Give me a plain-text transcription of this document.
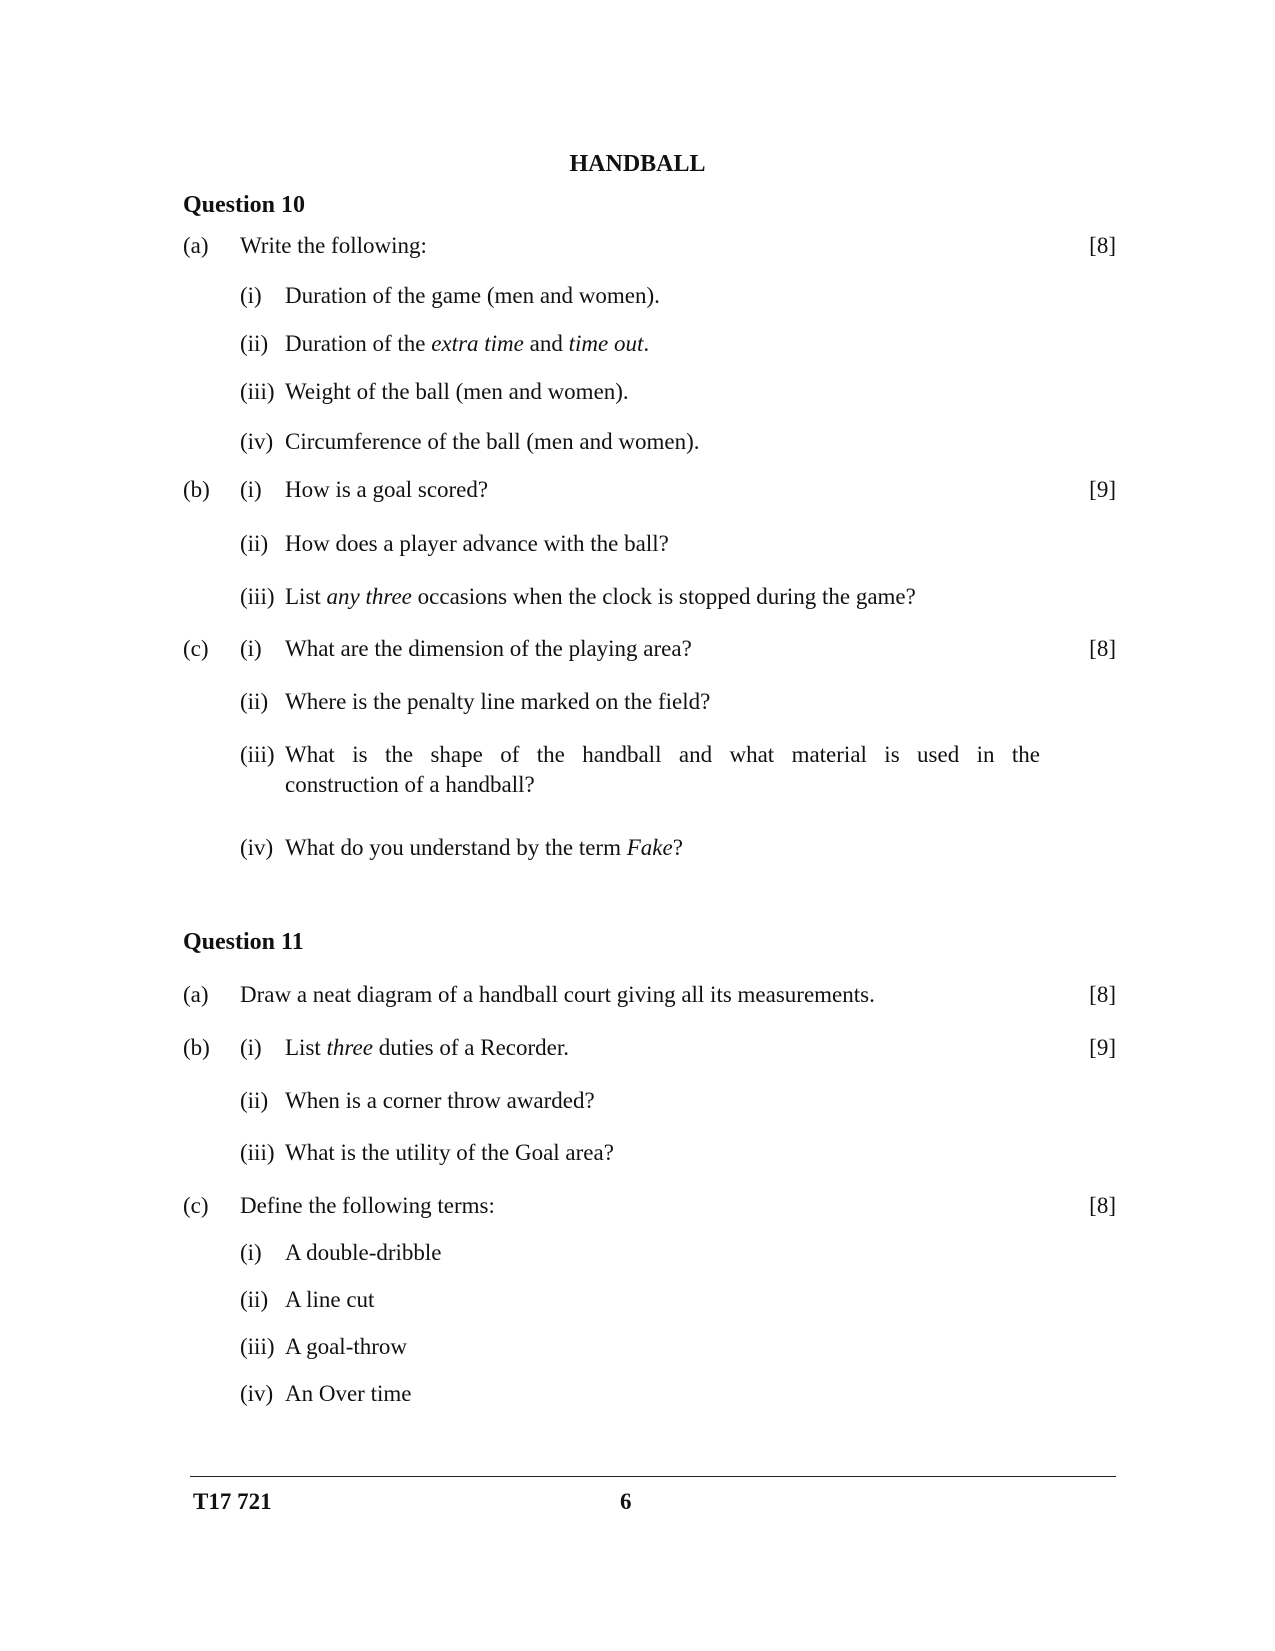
HANDBALL
Question 10
(a) Write the following:	[8]
(i) Duration of the game (men and women).
(ii) Duration of the extra time and time out.
(iii) Weight of the ball (men and women).
(iv) Circumference of the ball (men and women).
(b) (i) How is a goal scored?	[9]
(ii) How does a player advance with the ball?
(iii) List any three occasions when the clock is stopped during the game?
(c) (i) What are the dimension of the playing area?	[8]
(ii) Where is the penalty line marked on the field?
(iii) What is the shape of the handball and what material is used in the
construction of a handball?
(iv) What do you understand by the term Fake?
Question 11
(a) Draw a neat diagram of a handball court giving all its measurements.	[8]
(b) (i) List three duties of a Recorder.	[9]
(ii) When is a corner throw awarded?
(iii) What is the utility of the Goal area?
(c) Define the following terms:	[8]
(i) A double-dribble
(ii) A line cut
(iii) A goal-throw
(iv) An Over time
T17 721	6
